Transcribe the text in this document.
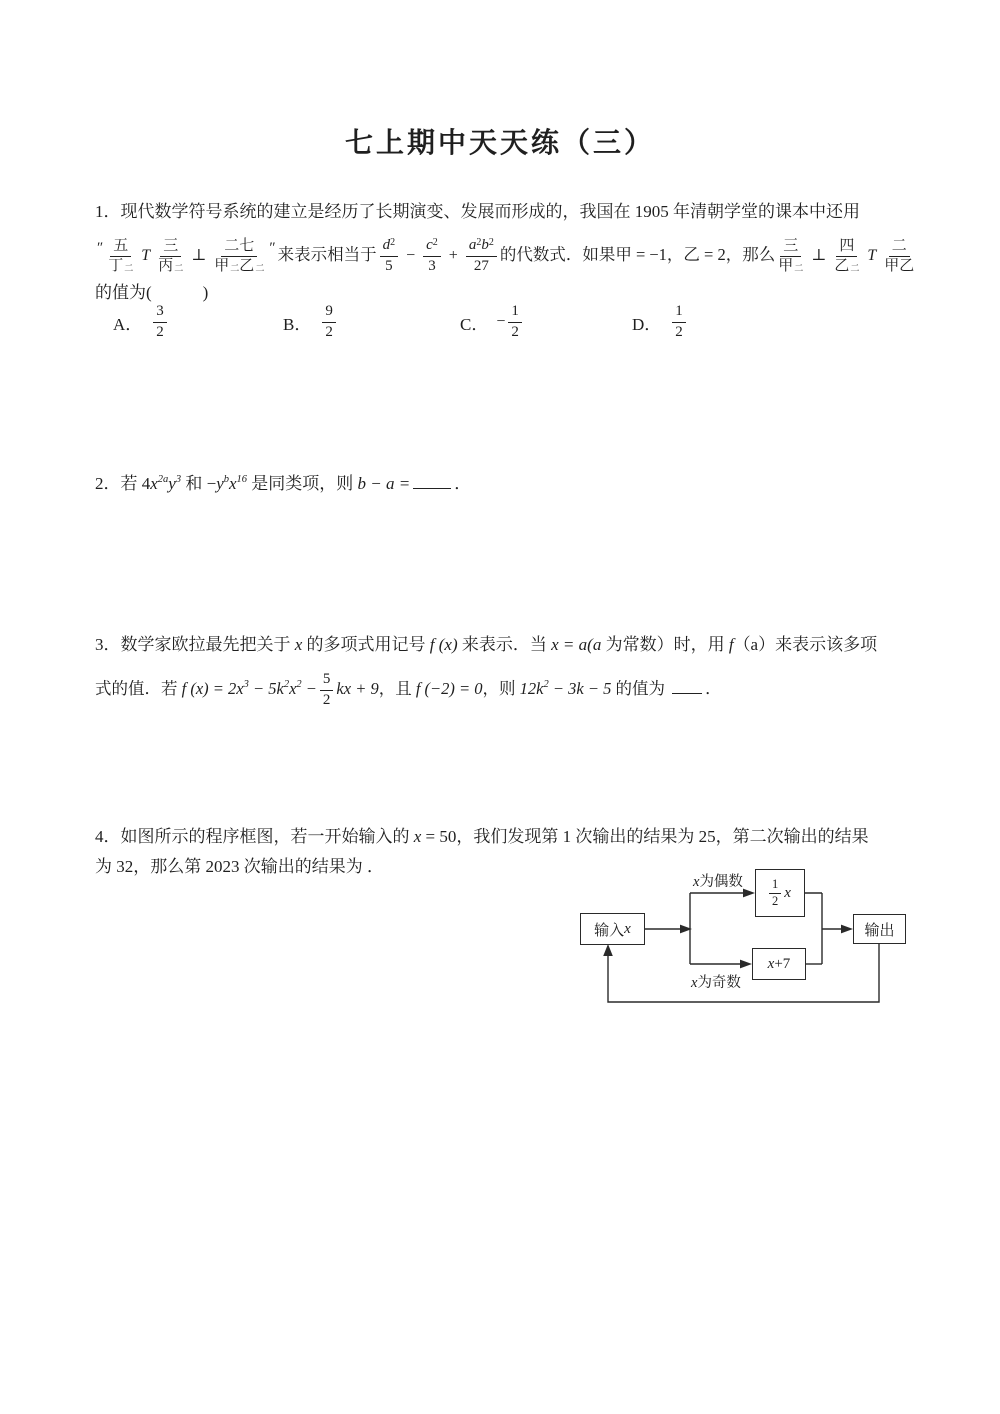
七上期中天天练（三）
1．现代数学符号系统的建立是经历了长期演变、发展而形成的，我国在 1905 年清朝学堂的课本中还用
″ 五
丁二
T
三
丙二
⊥
二七
甲二乙二
″ 来表示相当于 $\frac{d^2}{5} - \frac{c^2}{3} + \frac{a^2b^2}{27}$ 的代数式．如果甲 = −1，乙 = 2，那么 三
甲二
⊥
四
乙二
T
二
甲乙
的值为(　　　)
A． $\frac{3}{2}$	B． $\frac{9}{2}$	C． − $\frac{1}{2}$	D． $\frac{1}{2}$
2．若 $4x^{2a}y^3$ 和 $-y^bx^{16}$ 是同类项，则 b − a =	．
3．数学家欧拉最先把关于 x 的多项式用记号 f (x) 来表示．当 x = a(a 为常数）时，用 f（a）来表示该多项
式的值．若 f $(x) = 2x^3 - 5k^2x^2 - \frac{5}{2}$ kx + 9，且 f (−2) = 0，则 $12k^2 - 3k - 5$ 的值为 ．
4．如图所示的程序框图，若一开始输入的 x = 50，我们发现第 1 次输出的结果为 25，第二次输出的结果
为 32，那么第 2023 次输出的结果为 ．
输入 x
x为偶数 1
2 x
x +7
x为奇数
输出
